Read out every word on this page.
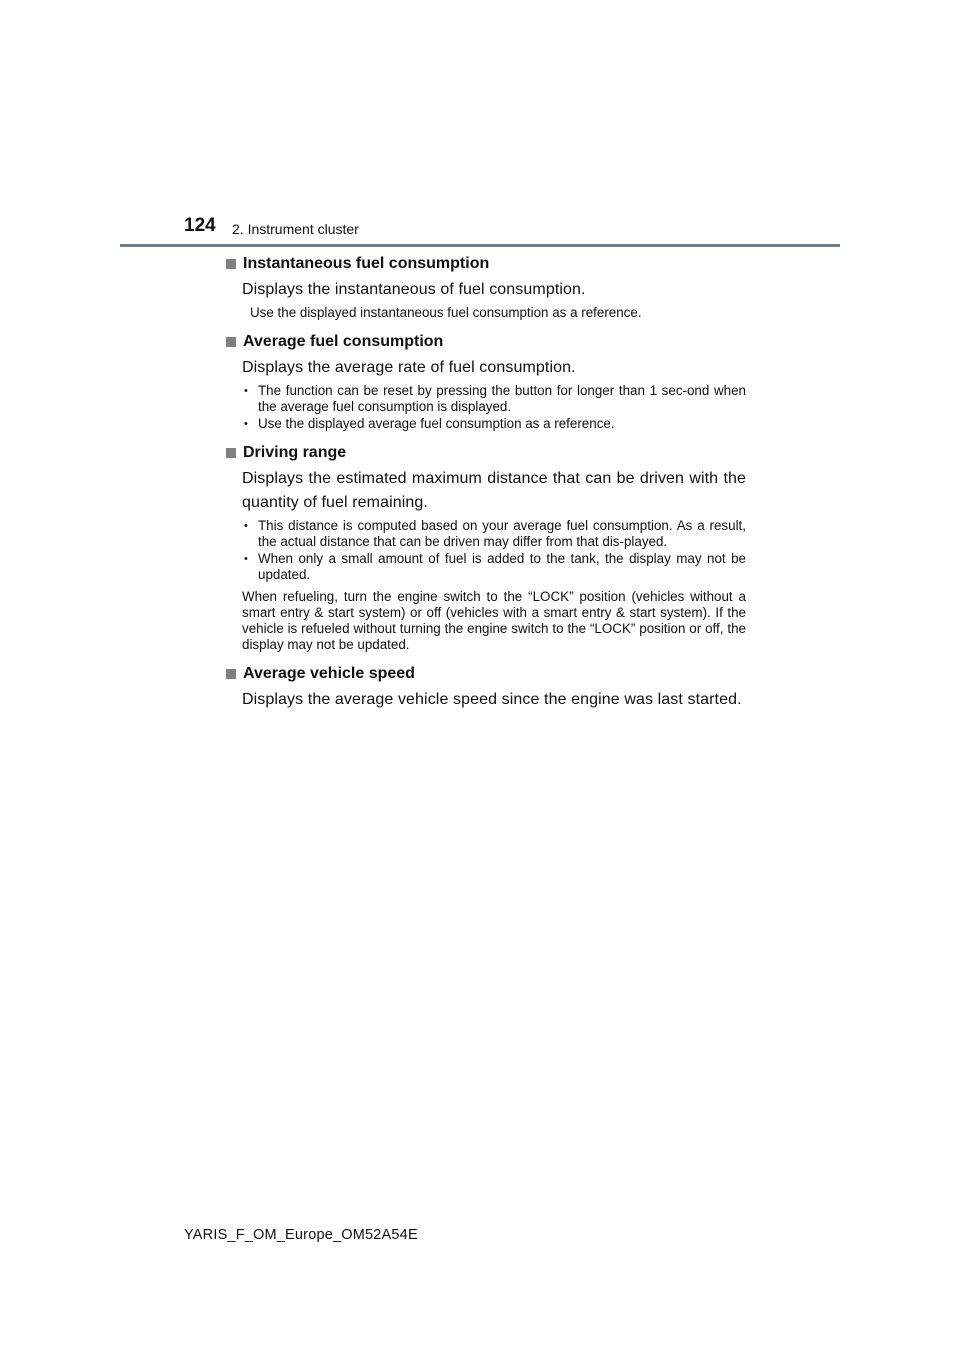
124 2. Instrument cluster
Instantaneous fuel consumption

Displays the instantaneous of fuel consumption.

Use the displayed instantaneous fuel consumption as a reference.

Average fuel consumption

Displays the average rate of fuel consumption.

• The function can be reset by pressing the button for longer than 1 sec-ond when the average fuel consumption is displayed.
• Use the displayed average fuel consumption as a reference.
Driving range

Displays the estimated maximum distance that can be driven with the quantity of fuel remaining.

• This distance is computed based on your average fuel consumption. As a result, the actual distance that can be driven may differ from that dis-played.
• When only a small amount of fuel is added to the tank, the display may not be updated.

When refueling, turn the engine switch to the “LOCK” position (vehicles without a smart entry & start system) or off (vehicles with a smart entry & start system). If the vehicle is refueled without turning the engine switch to the “LOCK” position or off, the display may not be updated.

Average vehicle speed

Displays the average vehicle speed since the engine was last started.

YARIS_F_OM_Europe_OM52A54E
